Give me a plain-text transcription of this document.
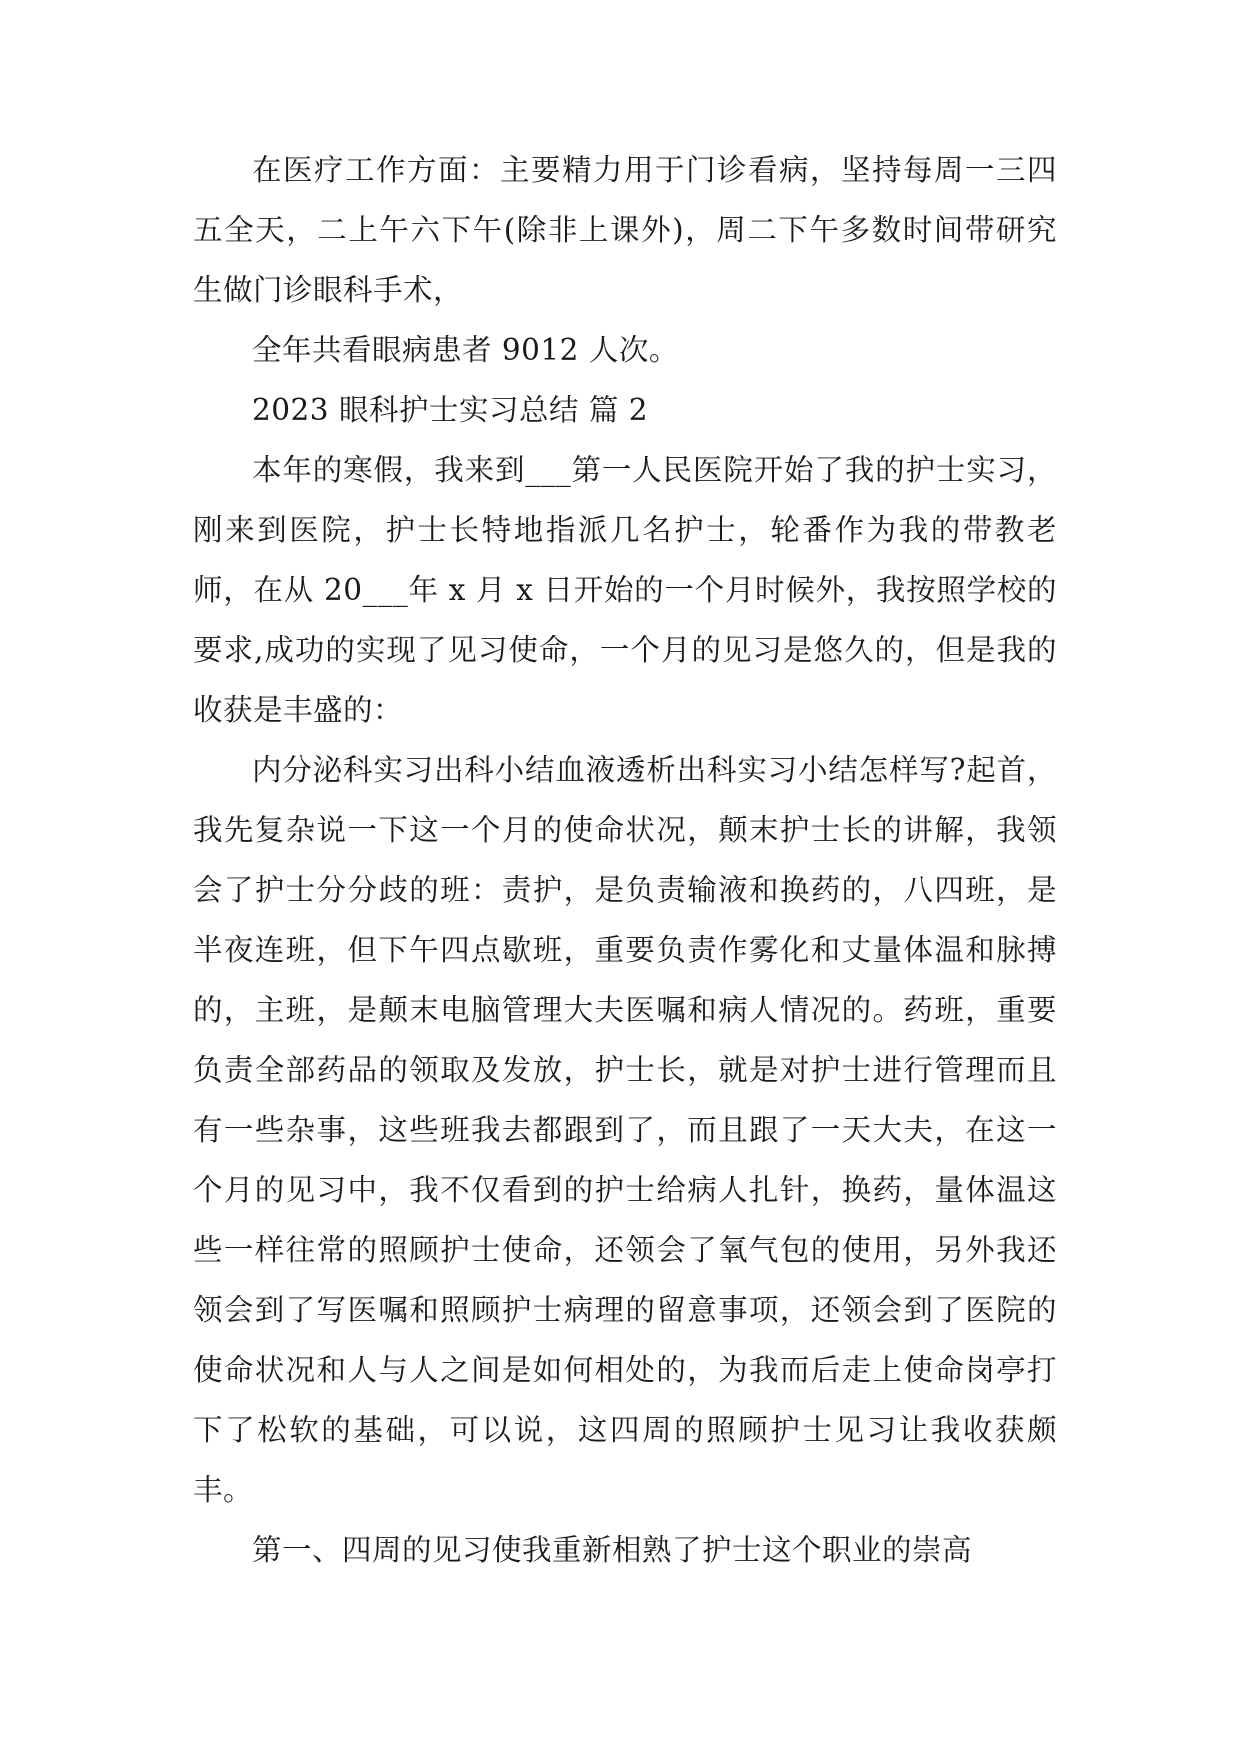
在医疗工作方面：主要精力用于门诊看病，坚持每周一三四五全天，二上午六下午(除非上课外)，周二下午多数时间带研究生做门诊眼科手术，

全年共看眼病患者 9012 人次。

2023 眼科护士实习总结 篇 2

本年的寒假，我来到___第一人民医院开始了我的护士实习，刚来到医院，护士长特地指派几名护士，轮番作为我的带教老师，在从 20___年 x 月 x 日开始的一个月时候外，我按照学校的要求,成功的实现了见习使命，一个月的见习是悠久的，但是我的收获是丰盛的：

内分泌科实习出科小结血液透析出科实习小结怎样写?起首，我先复杂说一下这一个月的使命状况，颠末护士长的讲解，我领会了护士分分歧的班：责护，是负责输液和换药的，八四班，是半夜连班，但下午四点歇班，重要负责作雾化和丈量体温和脉搏的，主班，是颠末电脑管理大夫医嘱和病人情况的。药班，重要负责全部药品的领取及发放，护士长，就是对护士进行管理而且有一些杂事，这些班我去都跟到了，而且跟了一天大夫，在这一个月的见习中，我不仅看到的护士给病人扎针，换药，量体温这些一样往常的照顾护士使命，还领会了氧气包的使用，另外我还领会到了写医嘱和照顾护士病理的留意事项，还领会到了医院的使命状况和人与人之间是如何相处的，为我而后走上使命岗亭打下了松软的基础，可以说，这四周的照顾护士见习让我收获颇丰。

第一、四周的见习使我重新相熟了护士这个职业的崇高
